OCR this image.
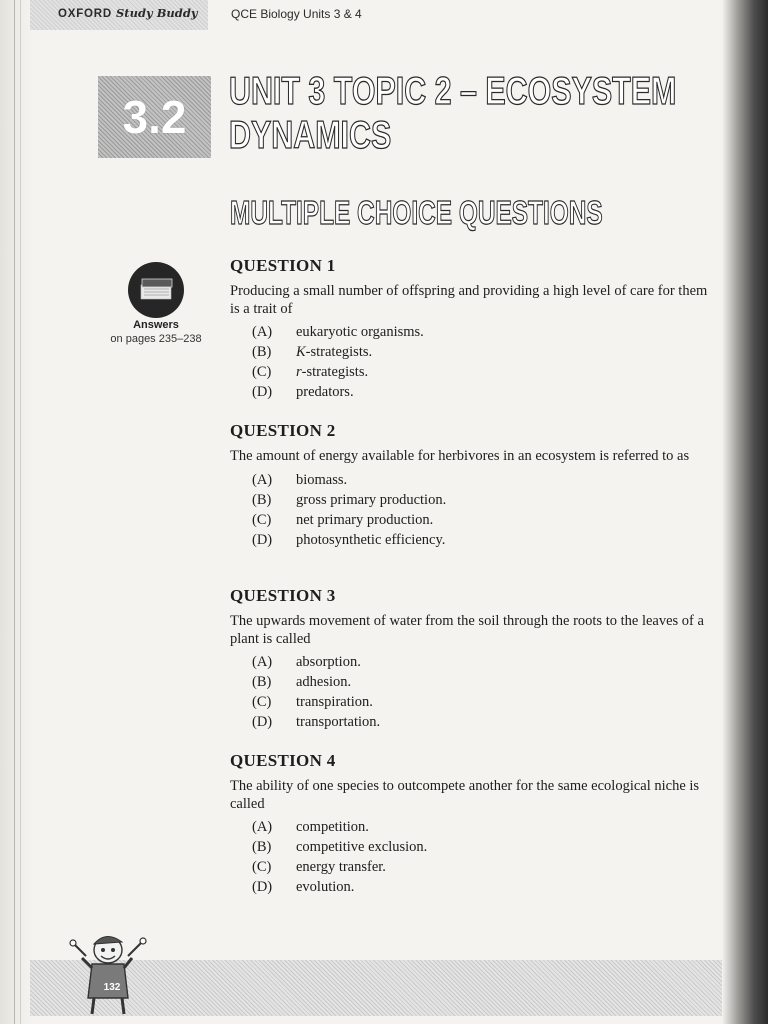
OXFORD Study Buddy	QCE Biology Units 3 & 4
3.2 UNIT 3 TOPIC 2 – ECOSYSTEM
DYNAMICS
MULTIPLE CHOICE QUESTIONS
Answers
on pages 235–238
QUESTION 1
Producing a small number of offspring and providing a high level of care for them is a trait of
(A) eukaryotic organisms.
(B) K-strategists.
(C) r-strategists.
(D) predators.
QUESTION 2
The amount of energy available for herbivores in an ecosystem is referred to as
(A) biomass.
(B) gross primary production.
(C) net primary production.
(D) photosynthetic efficiency.
QUESTION 3
The upwards movement of water from the soil through the roots to the leaves of a plant is called
(A) absorption.
(B) adhesion.
(C) transpiration.
(D) transportation.
QUESTION 4
The ability of one species to outcompete another for the same ecological niche is called
(A) competition.
(B) competitive exclusion.
(C) energy transfer.
(D) evolution.
132
